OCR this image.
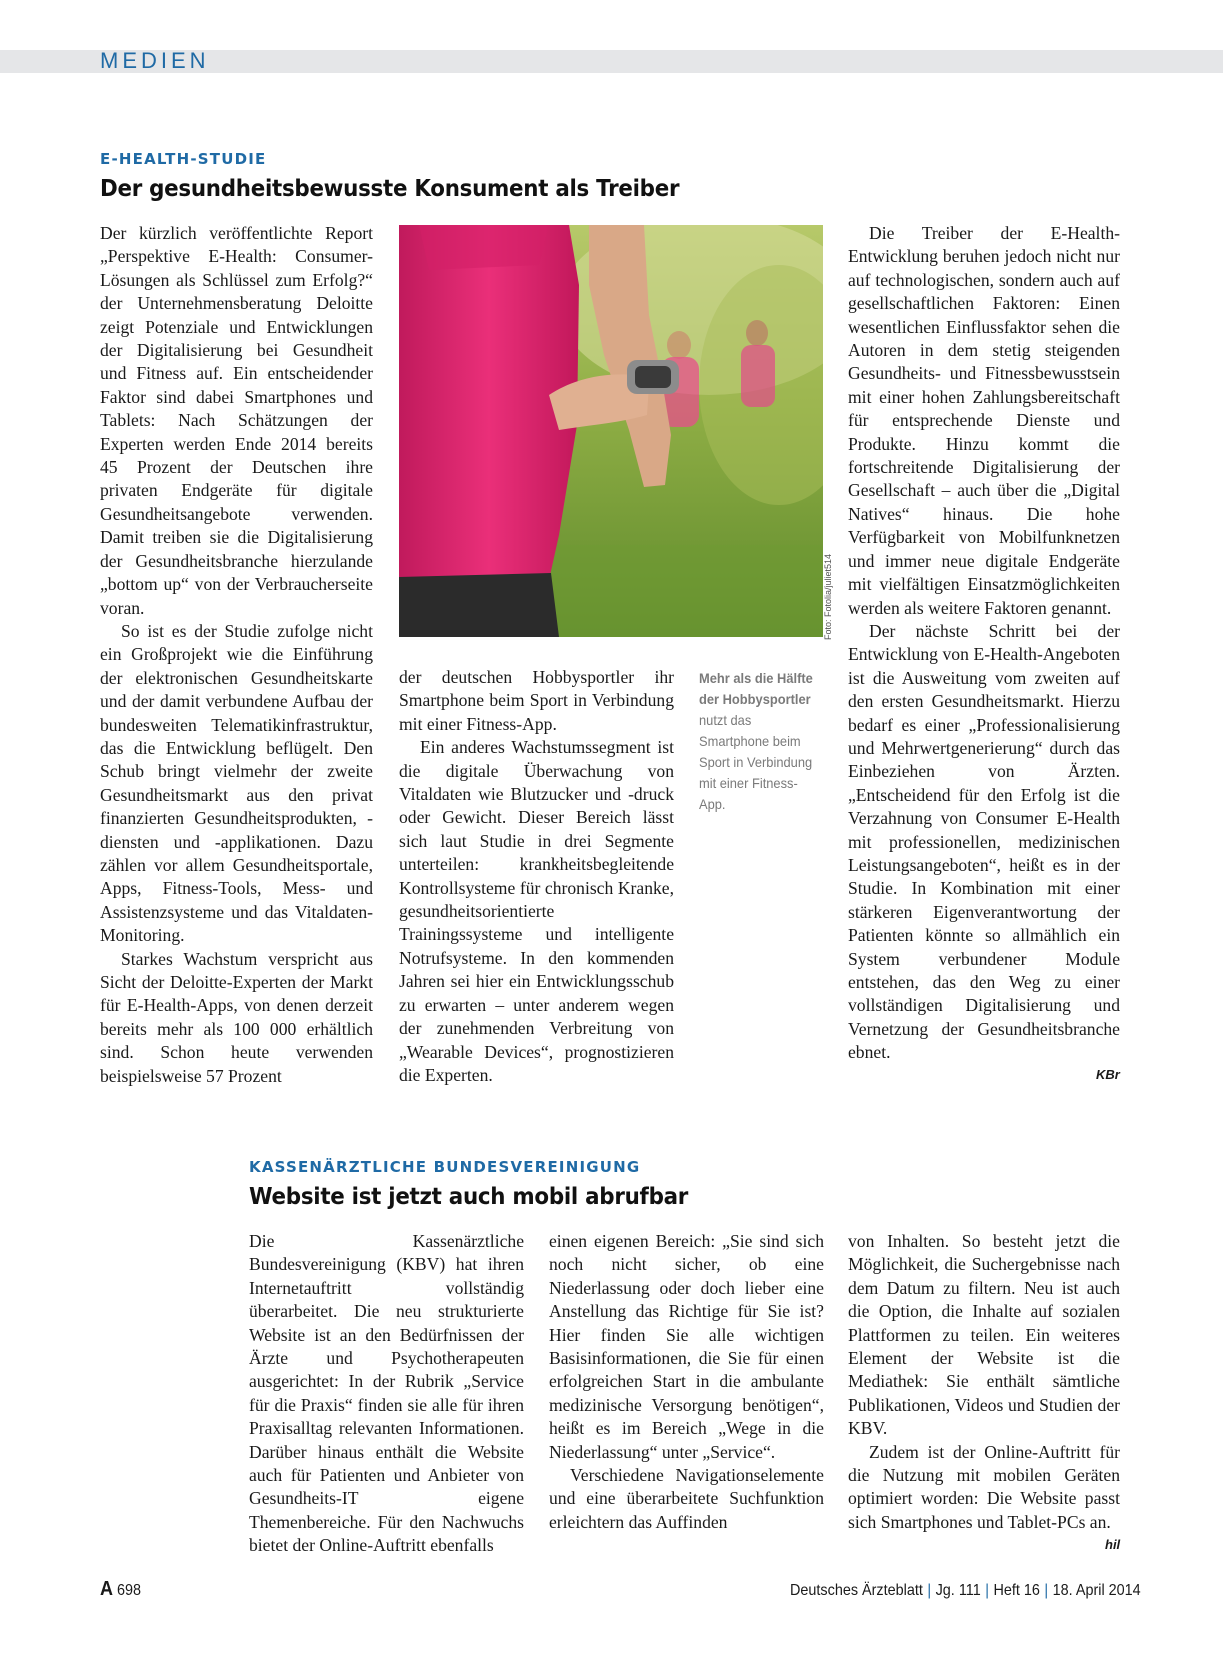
MEDIEN
E-HEALTH-STUDIE
Der gesundheitsbewusste Konsument als Treiber

Der kürzlich veröffentlichte Report „Perspektive E-Health: Consumer-Lösungen als Schlüssel zum Erfolg?“ der Unternehmensberatung Deloitte zeigt Potenziale und Entwicklungen der Digitalisierung bei Gesundheit und Fitness auf. Ein entscheidender Faktor sind dabei Smartphones und Tablets: Nach Schätzungen der Experten werden Ende 2014 bereits 45 Prozent der Deutschen ihre privaten Endgeräte für digitale Gesundheitsangebote verwenden. Damit treiben sie die Digitalisierung der Gesundheitsbranche hierzulande „bottom up“ von der Verbraucherseite voran.

So ist es der Studie zufolge nicht ein Großprojekt wie die Einführung der elektronischen Gesundheitskarte und der damit verbundene Aufbau der bundesweiten Telematikinfrastruktur, das die Entwicklung beflügelt. Den Schub bringt vielmehr der zweite Gesundheitsmarkt aus den privat finanzierten Gesundheitsprodukten, -diensten und -applikationen. Dazu zählen vor allem Gesundheitsportale, Apps, Fitness-Tools, Mess- und Assistenzsysteme und das Vitaldaten-Monitoring.

Starkes Wachstum verspricht aus Sicht der Deloitte-Experten der Markt für E-Health-Apps, von denen derzeit bereits mehr als 100 000 erhältlich sind. Schon heute verwenden beispielsweise 57 Prozent

Foto: Fotolia/juliet514

der deutschen Hobbysportler ihr Smartphone beim Sport in Verbindung mit einer Fitness-App.

Ein anderes Wachstumssegment ist die digitale Überwachung von Vitaldaten wie Blutzucker und -druck oder Gewicht. Dieser Bereich lässt sich laut Studie in drei Segmente unterteilen: krankheitsbegleitende Kontrollsysteme für chronisch Kranke, gesundheitsorientierte Trainingssysteme und intelligente Notrufsysteme. In den kommenden Jahren sei hier ein Entwicklungsschub zu erwarten – unter anderem wegen der zunehmenden Verbreitung von „Wearable Devices“, prognostizieren die Experten.

Mehr als die Hälfte der Hobbysportler nutzt das Smartphone beim Sport in Verbindung mit einer Fitness-App.

Die Treiber der E-Health-Entwicklung beruhen jedoch nicht nur auf technologischen, sondern auch auf gesellschaftlichen Faktoren: Einen wesentlichen Einflussfaktor sehen die Autoren in dem stetig steigenden Gesundheits- und Fitnessbewusstsein mit einer hohen Zahlungsbereitschaft für entsprechende Dienste und Produkte. Hinzu kommt die fortschreitende Digitalisierung der Gesellschaft – auch über die „Digital Natives“ hinaus. Die hohe Verfügbarkeit von Mobilfunknetzen und immer neue digitale Endgeräte mit vielfältigen Einsatzmöglichkeiten werden als weitere Faktoren genannt.

Der nächste Schritt bei der Entwicklung von E-Health-Angeboten ist die Ausweitung vom zweiten auf den ersten Gesundheitsmarkt. Hierzu bedarf es einer „Professionalisierung und Mehrwertgenerierung“ durch das Einbeziehen von Ärzten. „Entscheidend für den Erfolg ist die Verzahnung von Consumer E-Health mit professionellen, medizinischen Leistungsangeboten“, heißt es in der Studie. In Kombination mit einer stärkeren Eigenverantwortung der Patienten könnte so allmählich ein System verbundener Module entstehen, das den Weg zu einer vollständigen Digitalisierung und Vernetzung der Gesundheitsbranche ebnet.

KBr
KASSENÄRZTLICHE BUNDESVEREINIGUNG
Website ist jetzt auch mobil abrufbar

Die Kassenärztliche Bundesvereinigung (KBV) hat ihren Internetauftritt vollständig überarbeitet. Die neu strukturierte Website ist an den Bedürfnissen der Ärzte und Psychotherapeuten ausgerichtet: In der Rubrik „Service für die Praxis“ finden sie alle für ihren Praxisalltag relevanten Informationen. Darüber hinaus enthält die Website auch für Patienten und Anbieter von Gesundheits-IT eigene Themenbereiche. Für den Nachwuchs bietet der Online-Auftritt ebenfalls

einen eigenen Bereich: „Sie sind sich noch nicht sicher, ob eine Niederlassung oder doch lieber eine Anstellung das Richtige für Sie ist? Hier finden Sie alle wichtigen Basisinformationen, die Sie für einen erfolgreichen Start in die ambulante medizinische Versorgung benötigen“, heißt es im Bereich „Wege in die Niederlassung“ unter „Service“.

Verschiedene Navigationselemente und eine überarbeitete Suchfunktion erleichtern das Auffinden

von Inhalten. So besteht jetzt die Möglichkeit, die Suchergebnisse nach dem Datum zu filtern. Neu ist auch die Option, die Inhalte auf sozialen Plattformen zu teilen. Ein weiteres Element der Website ist die Mediathek: Sie enthält sämtliche Publikationen, Videos und Studien der KBV.

Zudem ist der Online-Auftritt für die Nutzung mit mobilen Geräten optimiert worden: Die Website passt sich Smartphones und Tablet-PCs an.

hil
A 698	Deutsches Ärzteblatt | Jg. 111 | Heft 16 | 18. April 2014
